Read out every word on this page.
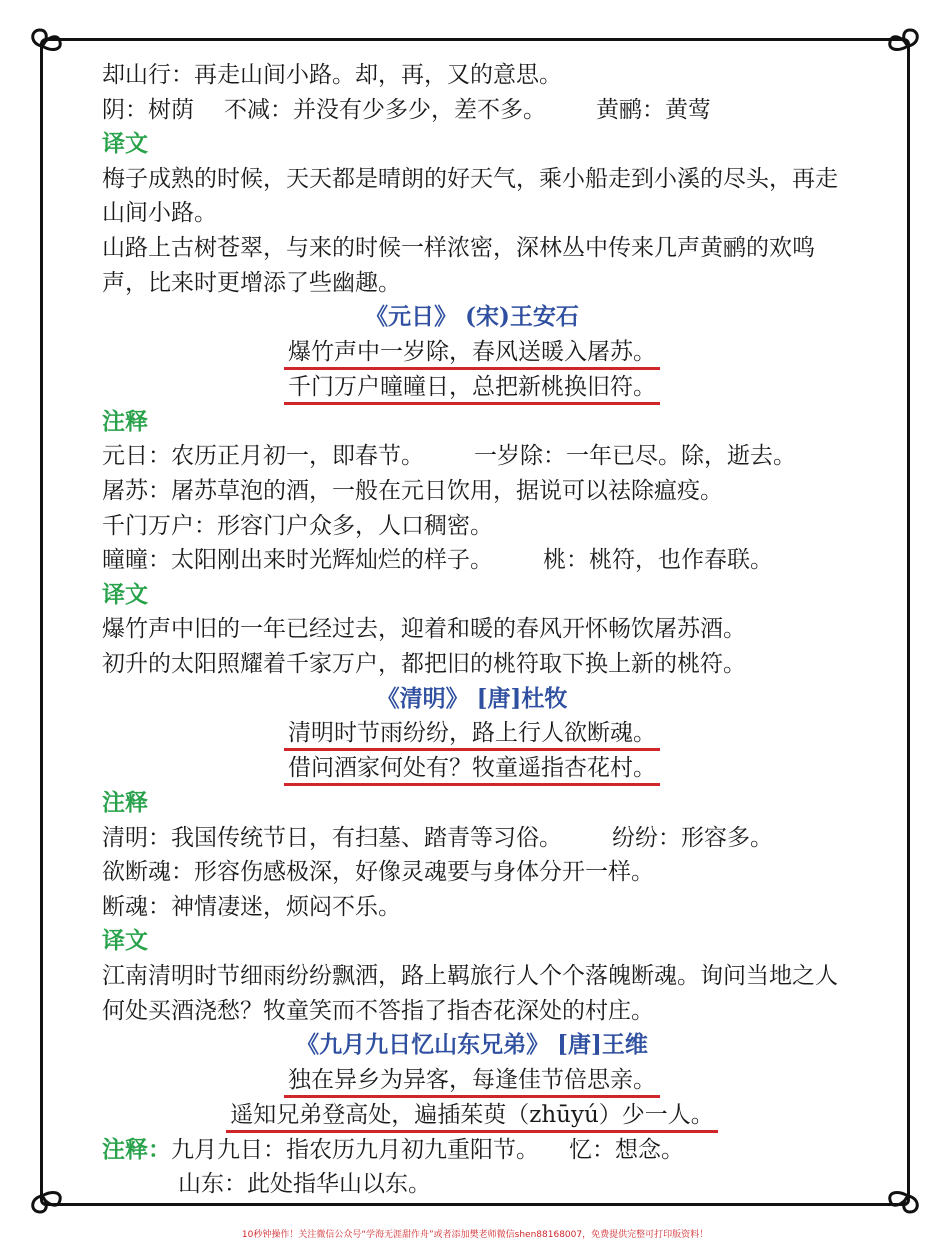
却山行：再走山间小路。却，再，又的意思。
阴：树荫 不减：并没有少多少，差不多。 黄鹂：黄莺
译文
梅子成熟的时候，天天都是晴朗的好天气，乘小船走到小溪的尽头，再走山间小路。
山路上古树苍翠，与来的时候一样浓密，深林丛中传来几声黄鹂的欢鸣声，比来时更增添了些幽趣。
《元日》 (宋)王安石
爆竹声中一岁除，春风送暖入屠苏。
千门万户曈曈日，总把新桃换旧符。
注释
元日：农历正月初一，即春节。 一岁除：一年已尽。除，逝去。
屠苏：屠苏草泡的酒，一般在元日饮用，据说可以祛除瘟疫。
千门万户：形容门户众多，人口稠密。
曈曈：太阳刚出来时光辉灿烂的样子。 桃：桃符，也作春联。
译文
爆竹声中旧的一年已经过去，迎着和暖的春风开怀畅饮屠苏酒。
初升的太阳照耀着千家万户，都把旧的桃符取下换上新的桃符。
《清明》 [唐]杜牧
清明时节雨纷纷，路上行人欲断魂。
借问酒家何处有？牧童遥指杏花村。
注释
清明：我国传统节日，有扫墓、踏青等习俗。 纷纷：形容多。
欲断魂：形容伤感极深，好像灵魂要与身体分开一样。
断魂：神情凄迷，烦闷不乐。
译文
江南清明时节细雨纷纷飘洒，路上羁旅行人个个落魄断魂。询问当地之人何处买酒浇愁？牧童笑而不答指了指杏花深处的村庄。
《九月九日忆山东兄弟》 [唐]王维
独在异乡为异客，每逢佳节倍思亲。
遥知兄弟登高处，遍插茱萸（zhūyú）少一人。
注释：九月九日：指农历九月初九重阳节。 忆：想念。
山东：此处指华山以东。
10秒钟操作！关注微信公众号“学海无涯甜作舟”或者添加樊老师微信shen88168007，免费提供完整可打印版资料！
